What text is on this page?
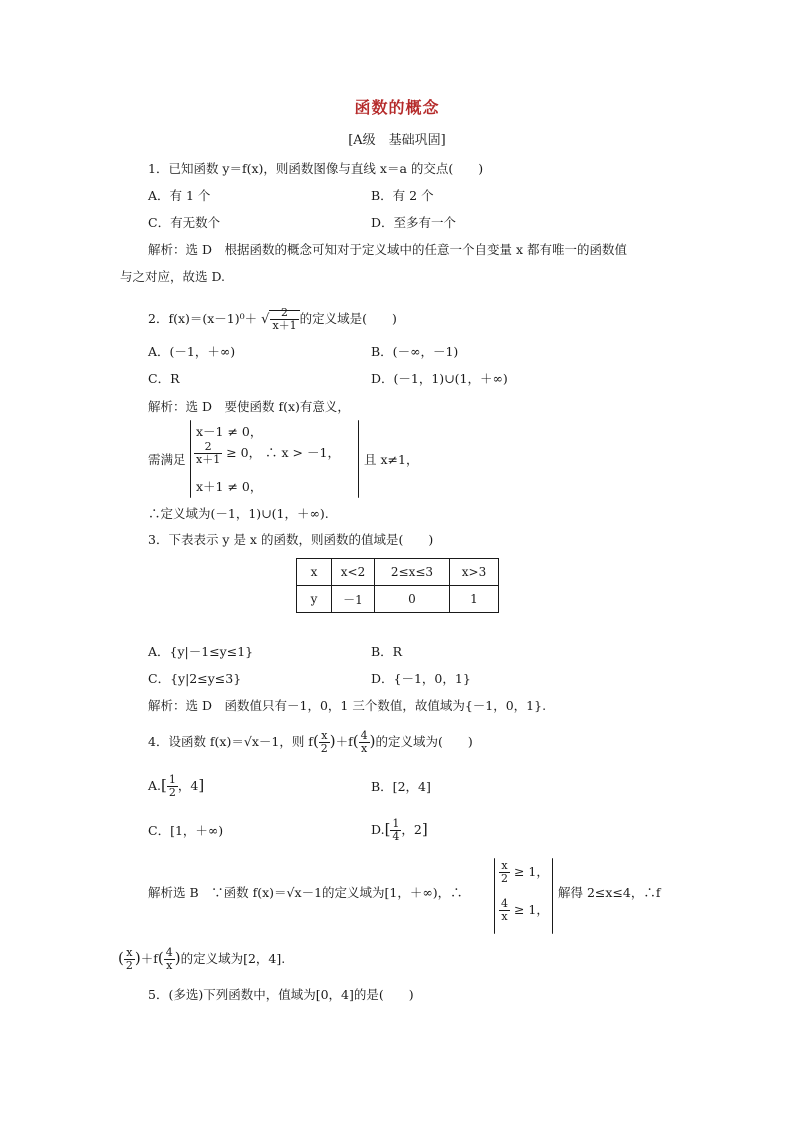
函数的概念
[A级　基础巩固]
1．已知函数 y＝f(x)，则函数图像与直线 x＝a 的交点(　　)
A．有 1 个	B．有 2 个
C．有无数个	D．至多有一个
解析：选 D　根据函数的概念可知对于定义域中的任意一个自变量 x 都有唯一的函数值
与之对应，故选 D.
2．f(x)＝(x－1)⁰＋ √ $\frac{2}{x+1}$ 的定义域是(　　)
A．(－1，＋∞)	B．(－∞，－1)
C．R	D．(－1，1)∪(1，＋∞)
解析：选 D　要使函数 f(x)有意义，
需满足
x－1 ≠ 0，
$\frac{2}{x+1} \ge 0$， ∴ x > －1，
x＋1 ≠ 0，
且 x≠1，
∴定义域为(－1，1)∪(1，＋∞).
3．下表表示 y 是 x 的函数，则函数的值域是(　　)
x	x<2	2≤x≤3	x>3
y	－1	0	1
A．{y|－1≤y≤1}	B．R
C．{y|2≤y≤3}	D．{－1，0，1}
解析：选 D　函数值只有－1，0，1 三个数值，故值域为{－1，0，1}.
4．设函数 f(x)＝√x－1，则 $f( \frac{x}{2} )+f( \frac{4}{x}$ )的定义域为(　　)
$A.[ \frac{1}{2}$ ，4]	B．[2，4]
C．[1，＋∞)	$D.[ \frac{1}{4}$ ，2]
解析选 B　∵函数 f(x)＝√x－1的定义域为[1，＋∞)，∴
$\frac{x}{2} \ge 1$，
$\frac{4}{x} \ge 1$，
解得 2≤x≤4，∴f
( $\frac{x}{2} )+f( \frac{4}{x}$ )的定义域为[2，4].
5．(多选)下列函数中，值域为[0，4]的是(　　)
